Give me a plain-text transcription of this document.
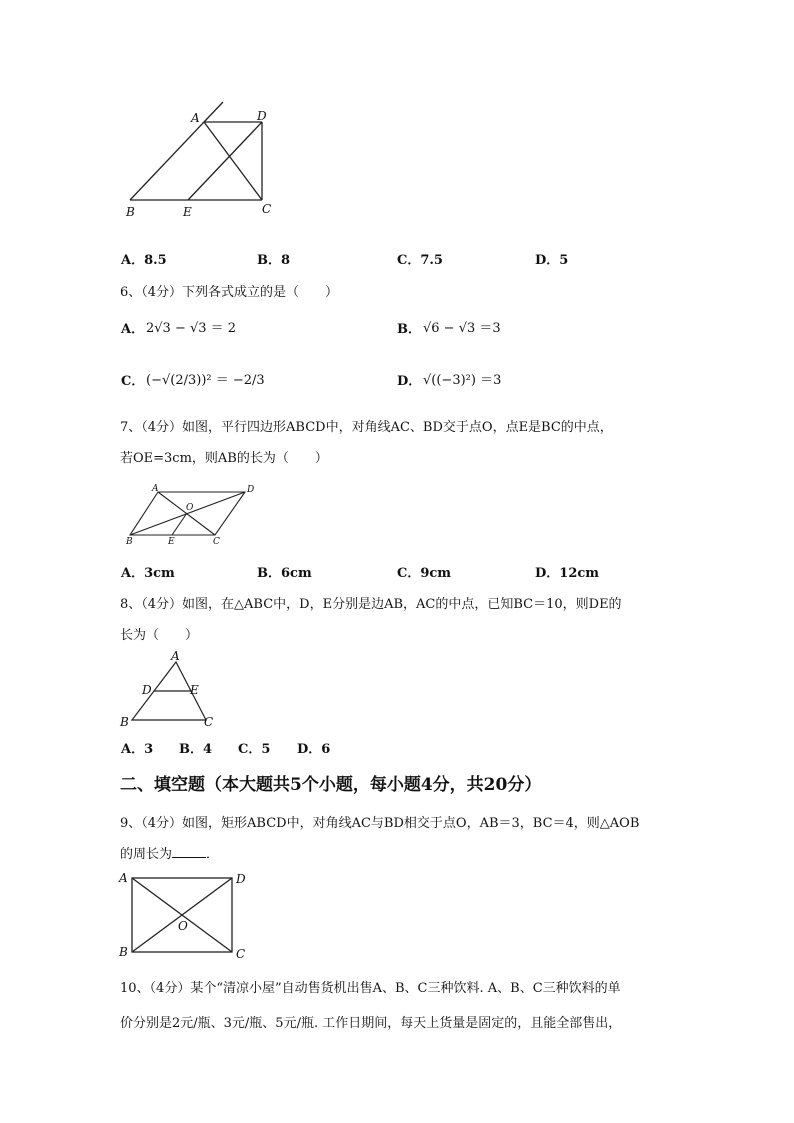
A	D
B	E	C
A．8.5	B．8	C．7.5	D．5
6、（4分）下列各式成立的是（　　）
A． 2√3 − √3 ＝ 2	B． √6 − √3 ＝3
C． (−√(2/3))² ＝ −2/3	D． √((−3)²) ＝3
7、（4分）如图，平行四边形ABCD中，对角线AC、BD交于点O，点E是BC的中点，
若OE=3cm，则AB的长为（　　）
A	D
O
B	E	C
A．3cm	B．6cm	C．9cm	D．12cm
8、（4分）如图，在△ABC中，D，E分别是边AB，AC的中点，已知BC＝10，则DE的
长为（　　）
A
D	E
B	C
A．3 B．4 C．5 D．6
二、填空题（本大题共5个小题，每小题4分，共20分）
9、（4分）如图，矩形ABCD中，对角线AC与BD相交于点O，AB＝3，BC＝4，则△AOB
的周长为	．
A	D
O
B	C
10、（4分）某个“清凉小屋”自动售货机出售A、B、C三种饮料. A、B、C三种饮料的单
价分别是2元/瓶、3元/瓶、5元/瓶. 工作日期间，每天上货量是固定的，且能全部售出，
